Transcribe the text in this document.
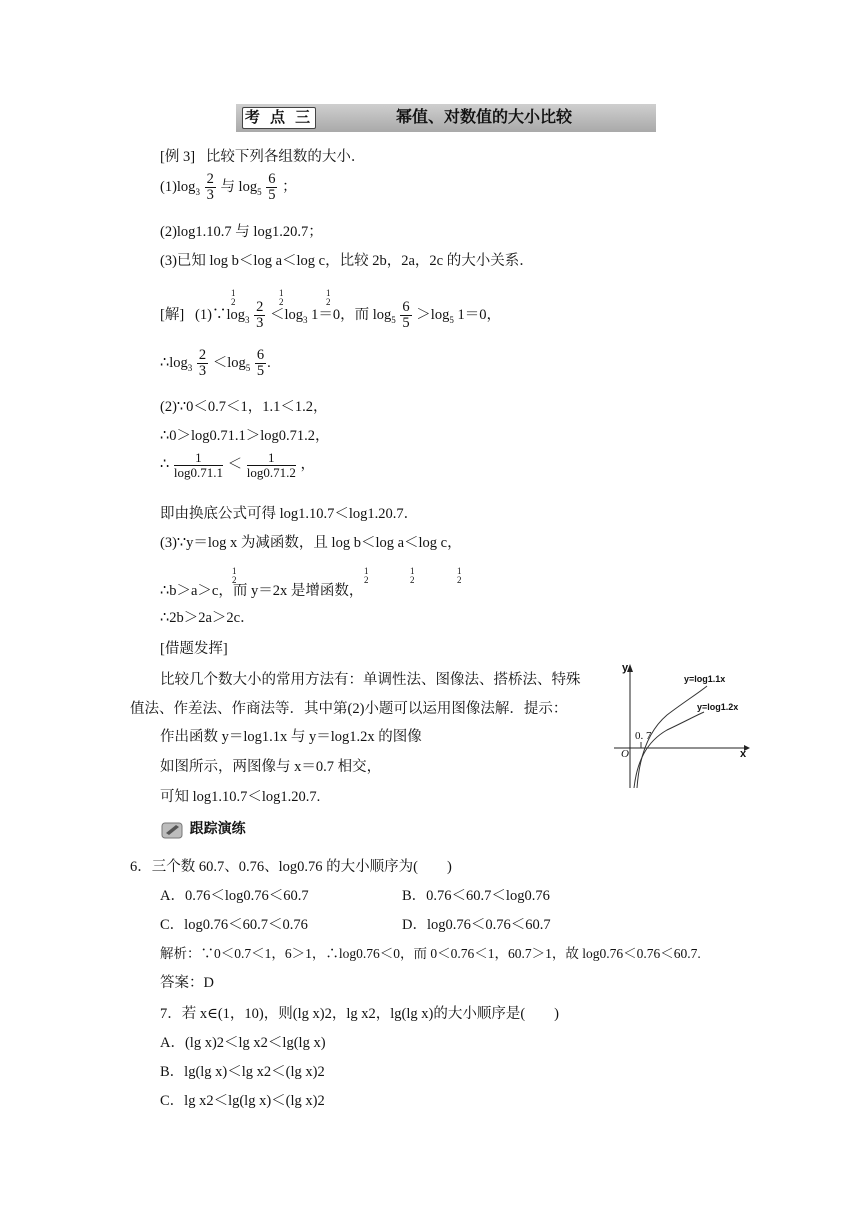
考 点 三	幂值、对数值的大小比较
[例 3] 比较下列各组数的大小．
$(1)\log_3 \frac{2}{3}$ 与 $\log_5 \frac{6}{5}$ ；
(2)log1.10.7 与 log1.20.7；
(3)已知 log b＜log a＜log c，比较 2b，2a，2c 的大小关系．
[解] $(1)\because\log_3 \frac{2}{3} <\log_3$ 1＝0，而 $\log_5 \frac{6}{5} >\log_5$ 1＝0，
1
2
1
2
1
2
$\therefore\log_3 \frac{2}{3} <\log_5 \frac{6}{5}$ .
(2)∵0＜0.7＜1，1.1＜1.2，
∴0＞log0.71.1＞log0.71.2，
∴ $\frac{1}{\log 0.71.1} < \frac{1}{\log 0.71.2}$ ，
即由换底公式可得 log1.10.7＜log1.20.7．
(3)∵y＝log x 为减函数，且 log b＜log a＜log c，
∴b＞a＞c，而 y＝2x 是增函数，
1
2
1
2
1
2
1
2
∴2b＞2a＞2c．
[借题发挥]
比较几个数大小的常用方法有：单调性法、图像法、搭桥法、特殊
值法、作差法、作商法等．其中第(2)小题可以运用图像法解．提示：
作出函数 y＝log1.1x 与 y＝log1.2x 的图像
如图所示，两图像与 x＝0.7 相交，
可知 log1.10.7＜log1.20.7.
y
x
O
0. 7
y=log1.1x
y=log1.2x
跟踪演练
6．三个数 60.7、0.76、log0.76 的大小顺序为(　　)
A．0.76＜log0.76＜60.7	B．0.76＜60.7＜log0.76
C．log0.76＜60.7＜0.76	D．log0.76＜0.76＜60.7
解析：∵0＜0.7＜1，6＞1，∴log0.76＜0，而 0＜0.76＜1，60.7＞1，故 log0.76＜0.76＜60.7.
答案：D
7．若 x∈(1，10)，则(lg x)2，lg x2，lg(lg x)的大小顺序是(　　)
A．(lg x)2＜lg x2＜lg(lg x)
B．lg(lg x)＜lg x2＜(lg x)2
C．lg x2＜lg(lg x)＜(lg x)2
